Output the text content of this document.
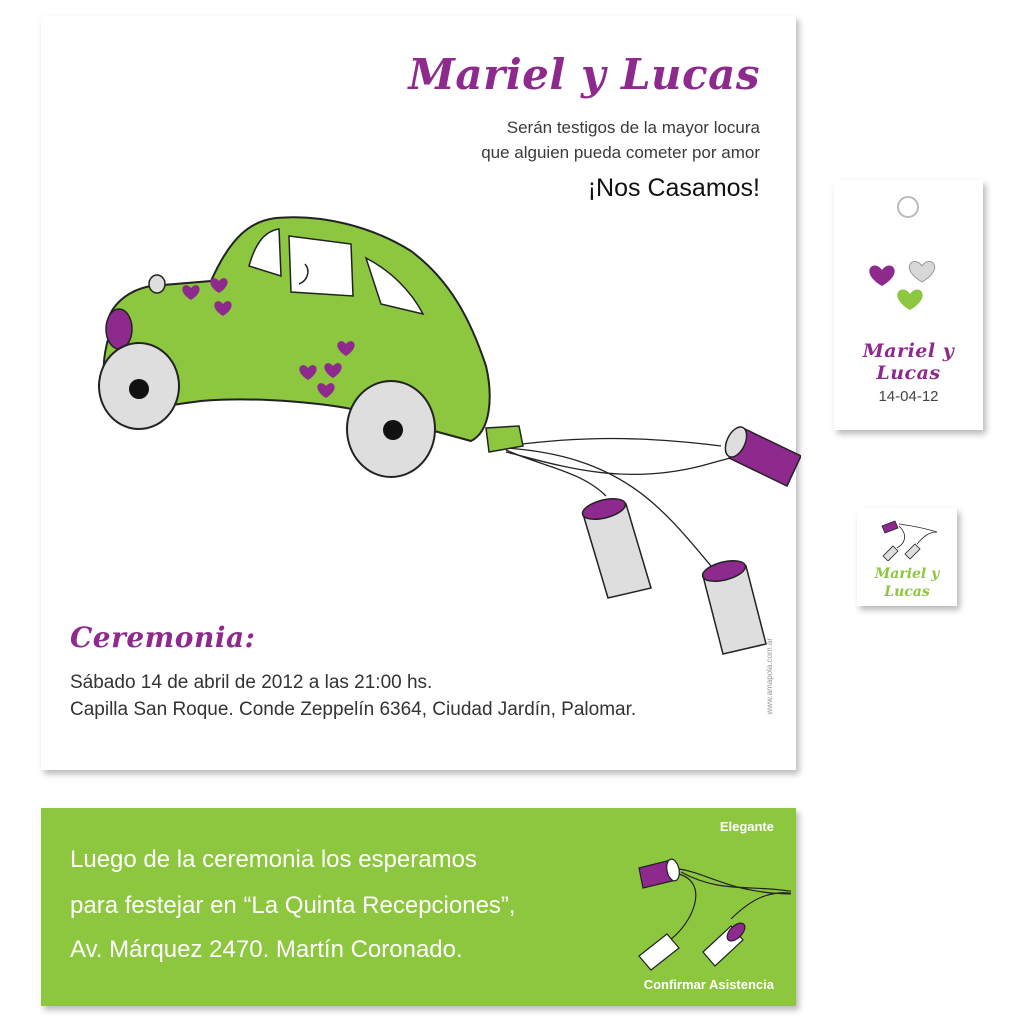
Mariel y Lucas
Serán testigos de la mayor locura
que alguien pueda cometer por amor
¡Nos Casamos!
Ceremonia:
Sábado 14 de abril de 2012 a las 21:00 hs.
Capilla San Roque. Conde Zeppelín 6364, Ciudad Jardín, Palomar.	www.amapola.com.ar
Luego de la ceremonia los esperamos
para festejar en “La Quinta Recepciones”,
Av. Márquez 2470. Martín Coronado.
Elegante
Confirmar Asistencia
Mariel y Lucas
14-04-12
Mariel y
Lucas
